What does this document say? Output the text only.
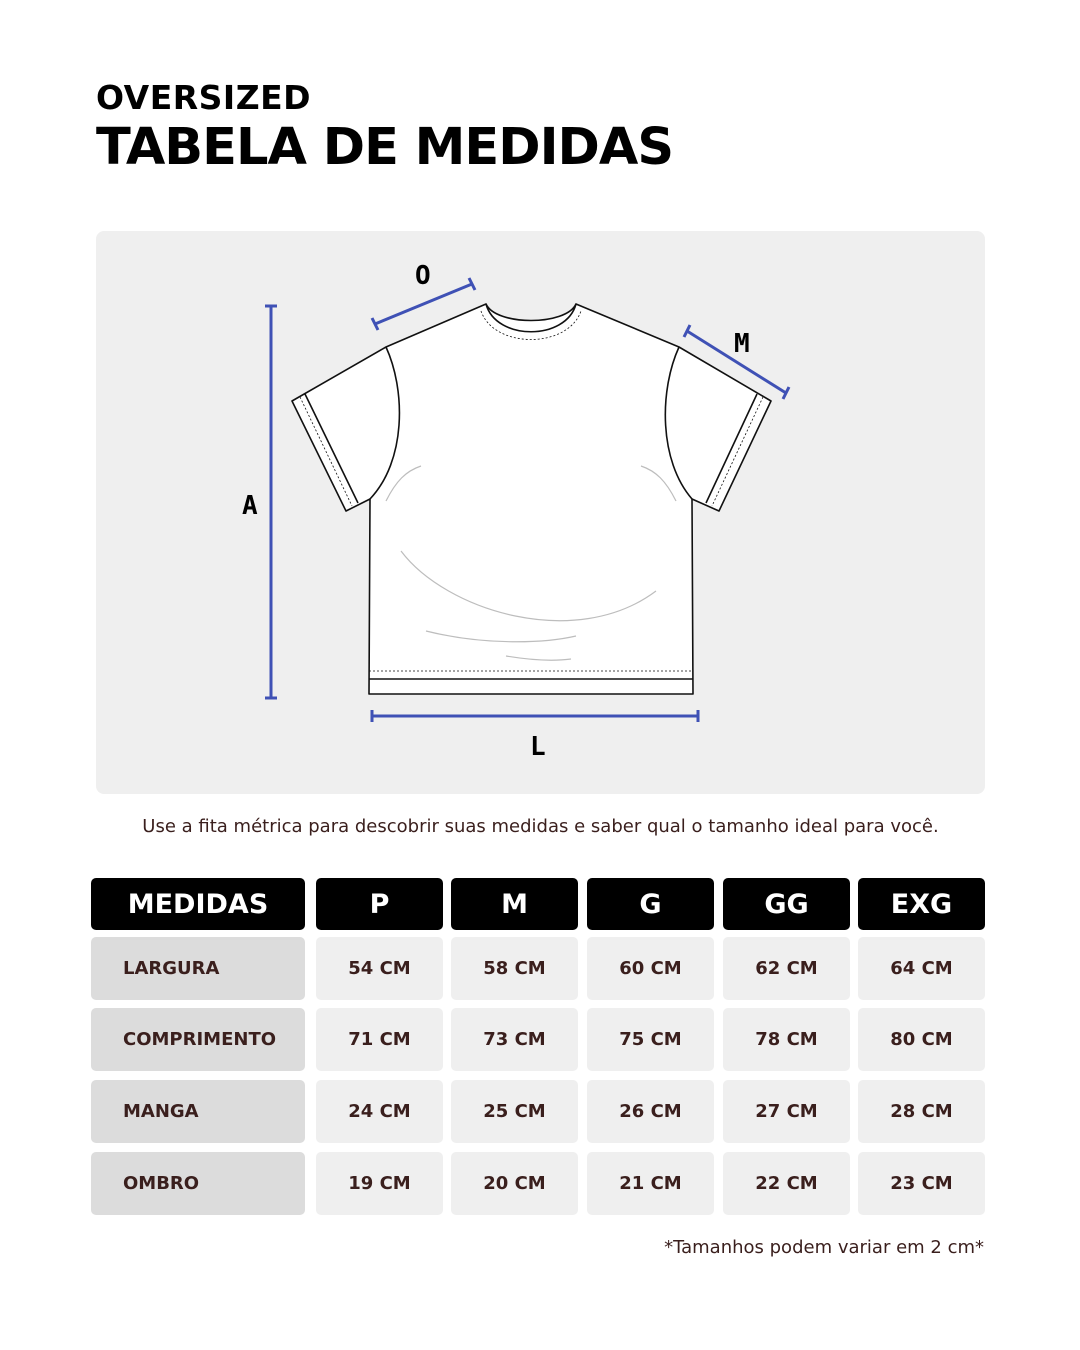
OVERSIZED
TABELA DE MEDIDAS
O
M
A
L
Use a fita métrica para descobrir suas medidas e saber qual o tamanho ideal para você.
MEDIDAS	P	M	G	GG	EXG
LARGURA	54 CM	58 CM	60 CM	62 CM	64 CM
COMPRIMENTO	71 CM	73 CM	75 CM	78 CM	80 CM
MANGA	24 CM	25 CM	26 CM	27 CM	28 CM
OMBRO	19 CM	20 CM	21 CM	22 CM	23 CM
*Tamanhos podem variar em 2 cm*
